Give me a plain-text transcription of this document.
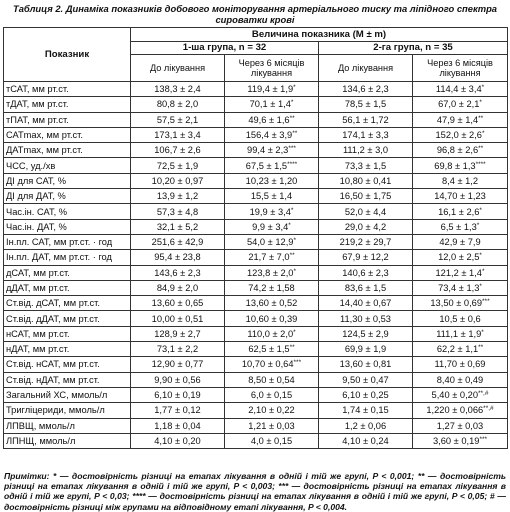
Таблиця 2. Динаміка показників добового моніторування артеріального тиску та ліпідного спектра сироватки крові
Показник	Величина показника (M ± m)			
	1-ша група, n = 32		2-га група, n = 35	
	До лікування	Через 6 місяців лікування	До лікування	Через 6 місяців лікування
тСАТ, мм рт.ст.	138,3 ± 2,4	119,4 ± 1,9*	134,6 ± 2,3	114,4 ± 3,4*
тДАТ, мм рт.ст.	80,8 ± 2,0	70,1 ± 1,4*	78,5 ± 1,5	67,0 ± 2,1*
тПАТ, мм рт.ст.	57,5 ± 2,1	49,6 ± 1,6**	56,1 ± 1,72	47,9 ± 1,4**
САТmax, мм рт.ст.	173,1 ± 3,4	156,4 ± 3,9**	174,1 ± 3,3	152,0 ± 2,6*
ДАТmax, мм рт.ст.	106,7 ± 2,6	99,4 ± 2,3***	111,2 ± 3,0	96,8 ± 2,6**
ЧСС, уд./хв	72,5 ± 1,9	67,5 ± 1,5****	73,3 ± 1,5	69,8 ± 1,3****
ДІ для САТ, %	10,20 ± 0,97	10,23 ± 1,20	10,80 ± 0,41	8,4 ± 1,2
ДІ для ДАТ, %	13,9 ± 1,2	15,5 ± 1,4	16,50 ± 1,75	14,70 ± 1,23
Час.ін. САТ, %	57,3 ± 4,8	19,9 ± 3,4*	52,0 ± 4,4	16,1 ± 2,6*
Час.ін. ДАТ, %	32,1 ± 5,2	9,9 ± 3,4*	29,0 ± 4,2	6,5 ± 1,3*
Ін.пл. САТ, мм рт.ст. · год	251,6 ± 42,9	54,0 ± 12,9*	219,2 ± 29,7	42,9 ± 7,9
Ін.пл. ДАТ, мм рт.ст. · год	95,4 ± 23,8	21,7 ± 7,0**	67,9 ± 12,2	12,0 ± 2,5*
дСАТ, мм рт.ст.	143,6 ± 2,3	123,8 ± 2,0*	140,6 ± 2,3	121,2 ± 1,4*
дДАТ, мм рт.ст.	84,9 ± 2,0	74,2 ± 1,58	83,6 ± 1,5	73,4 ± 1,3*
Ст.від. дСАТ, мм рт.ст.	13,60 ± 0,65	13,60 ± 0,52	14,40 ± 0,67	13,50 ± 0,69***
Ст.від. дДАТ, мм рт.ст.	10,00 ± 0,51	10,60 ± 0,39	11,30 ± 0,53	10,5 ± 0,6
нСАТ, мм рт.ст.	128,9 ± 2,7	110,0 ± 2,0*	124,5 ± 2,9	111,1 ± 1,9*
нДАТ, мм рт.ст.	73,1 ± 2,2	62,5 ± 1,5**	69,9 ± 1,9	62,2 ± 1,1**
Ст.від. нСАТ, мм рт.ст.	12,90 ± 0,77	10,70 ± 0,64***	13,60 ± 0,81	11,70 ± 0,69
Ст.від. нДАТ, мм рт.ст.	9,90 ± 0,56	8,50 ± 0,54	9,50 ± 0,47	8,40 ± 0,49
Загальний ХС, ммоль/л	6,10 ± 0,19	6,0 ± 0,15	6,10 ± 0,25	5,40 ± 0,20**,#
Тригліцериди, ммоль/л	1,77 ± 0,12	2,10 ± 0,22	1,74 ± 0,15	1,220 ± 0,066**,#
ЛПВЩ, ммоль/л	1,18 ± 0,04	1,21 ± 0,03	1,2 ± 0,06	1,27 ± 0,03
ЛПНЩ, ммоль/л	4,10 ± 0,20	4,0 ± 0,15	4,10 ± 0,24	3,60 ± 0,19***
Примітки: * — достовірність різниці на етапах лікування в одній і тій же групі, P < 0,001; ** — достовірність різниці на етапах лікування в одній і тій же групі, P < 0,003; *** — достовірність різниці на етапах лікування в одній і тій же групі, P < 0,03; **** — достовірність різниці на етапах лікування в одній і тій же групі, P < 0,05; # — достовірність різниці між групами на відповідному етапі лікування, P < 0,004.
